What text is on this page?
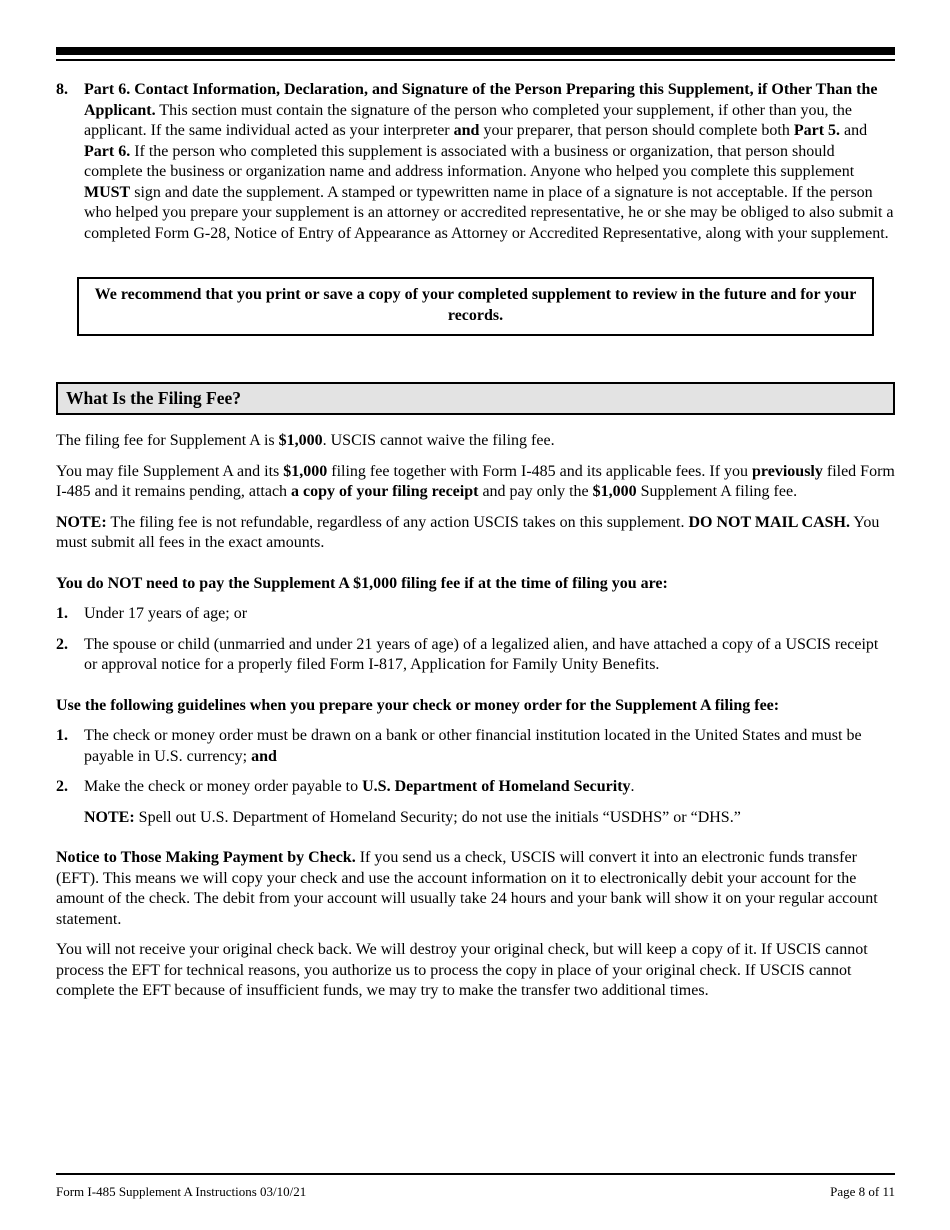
8. Part 6. Contact Information, Declaration, and Signature of the Person Preparing this Supplement, if Other Than the Applicant. This section must contain the signature of the person who completed your supplement, if other than you, the applicant. If the same individual acted as your interpreter and your preparer, that person should complete both Part 5. and Part 6. If the person who completed this supplement is associated with a business or organization, that person should complete the business or organization name and address information. Anyone who helped you complete this supplement MUST sign and date the supplement. A stamped or typewritten name in place of a signature is not acceptable. If the person who helped you prepare your supplement is an attorney or accredited representative, he or she may be obliged to also submit a completed Form G-28, Notice of Entry of Appearance as Attorney or Accredited Representative, along with your supplement.
We recommend that you print or save a copy of your completed supplement to review in the future and for your records.
What Is the Filing Fee?

The filing fee for Supplement A is $1,000. USCIS cannot waive the filing fee.

You may file Supplement A and its $1,000 filing fee together with Form I-485 and its applicable fees. If you previously filed Form I-485 and it remains pending, attach a copy of your filing receipt and pay only the $1,000 Supplement A filing fee.

NOTE: The filing fee is not refundable, regardless of any action USCIS takes on this supplement. DO NOT MAIL CASH. You must submit all fees in the exact amounts.

You do NOT need to pay the Supplement A $1,000 filing fee if at the time of filing you are:

1. Under 17 years of age; or
2. The spouse or child (unmarried and under 21 years of age) of a legalized alien, and have attached a copy of a USCIS receipt or approval notice for a properly filed Form I-817, Application for Family Unity Benefits.

Use the following guidelines when you prepare your check or money order for the Supplement A filing fee:

1. The check or money order must be drawn on a bank or other financial institution located in the United States and must be payable in U.S. currency; and
2. Make the check or money order payable to U.S. Department of Homeland Security.

NOTE: Spell out U.S. Department of Homeland Security; do not use the initials “USDHS” or “DHS.”

Notice to Those Making Payment by Check. If you send us a check, USCIS will convert it into an electronic funds transfer (EFT). This means we will copy your check and use the account information on it to electronically debit your account for the amount of the check. The debit from your account will usually take 24 hours and your bank will show it on your regular account statement.

You will not receive your original check back. We will destroy your original check, but will keep a copy of it. If USCIS cannot process the EFT for technical reasons, you authorize us to process the copy in place of your original check. If USCIS cannot complete the EFT because of insufficient funds, we may try to make the transfer two additional times.

Form I-485 Supplement A Instructions 03/10/21	Page 8 of 11
